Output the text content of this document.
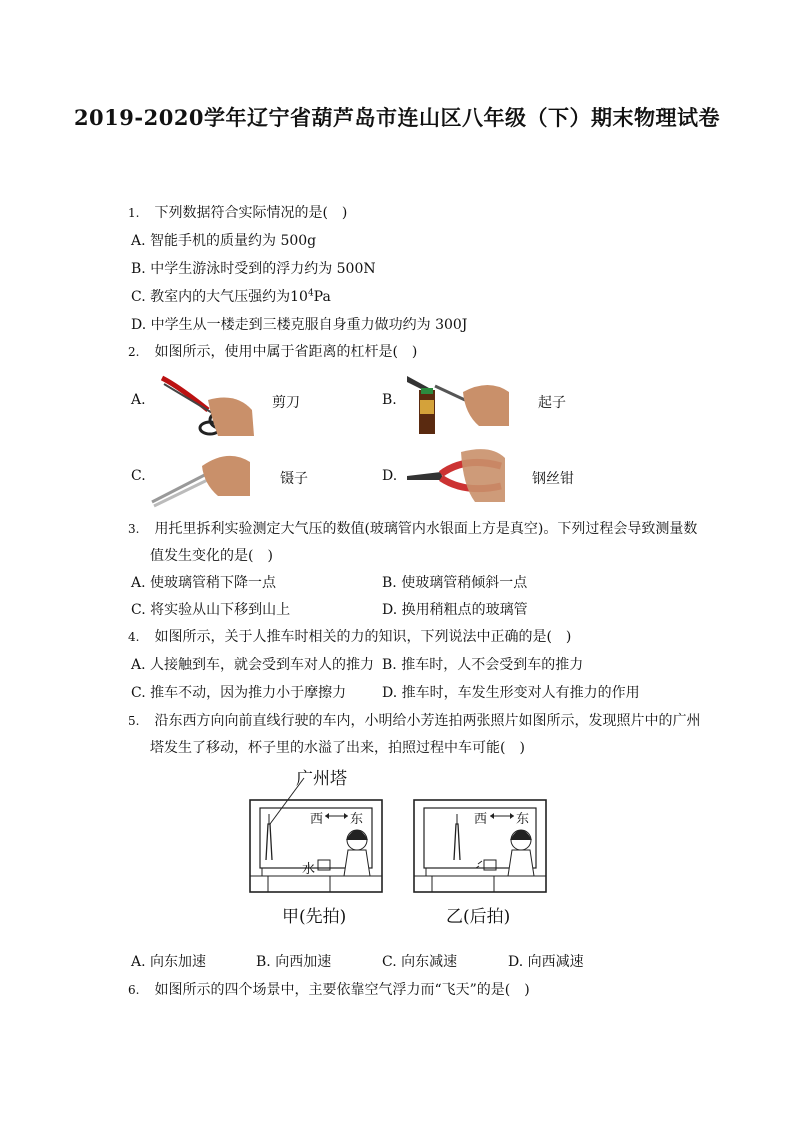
2019-2020学年辽宁省葫芦岛市连山区八年级（下）期末物理试卷
1. 下列数据符合实际情况的是(　)
A. 智能手机的质量约为 500g
B. 中学生游泳时受到的浮力约为 500N
C. 教室内的大气压强约为$10^4Pa$
D. 中学生从一楼走到三楼克服自身重力做功约为 300J
2. 如图所示，使用中属于省距离的杠杆是(　)
A.	剪刀	B.	起子
C.	镊子	D.	钢丝钳
3. 用托里拆利实验测定大气压的数值(玻璃管内水银面上方是真空)。下列过程会导致测量数
值发生变化的是(　)
A. 使玻璃管稍下降一点	B. 使玻璃管稍倾斜一点
C. 将实验从山下移到山上	D. 换用稍粗点的玻璃管
4. 如图所示，关于人推车时相关的力的知识，下列说法中正确的是(　)
A. 人接触到车，就会受到车对人的推力 B. 推车时，人不会受到车的推力
C. 推车不动，因为推力小于摩擦力	D. 推车时，车发生形变对人有推力的作用
5. 沿东西方向向前直线行驶的车内，小明给小芳连拍两张照片如图所示，发现照片中的广州
塔发生了移动，杯子里的水溢了出来，拍照过程中车可能(　)
广州塔
西 东
水
西 东
甲(先拍)	乙(后拍)
A. 向东加速	B. 向西加速	C. 向东减速	D. 向西减速
6. 如图所示的四个场景中，主要依靠空气浮力而“飞天”的是(　)
